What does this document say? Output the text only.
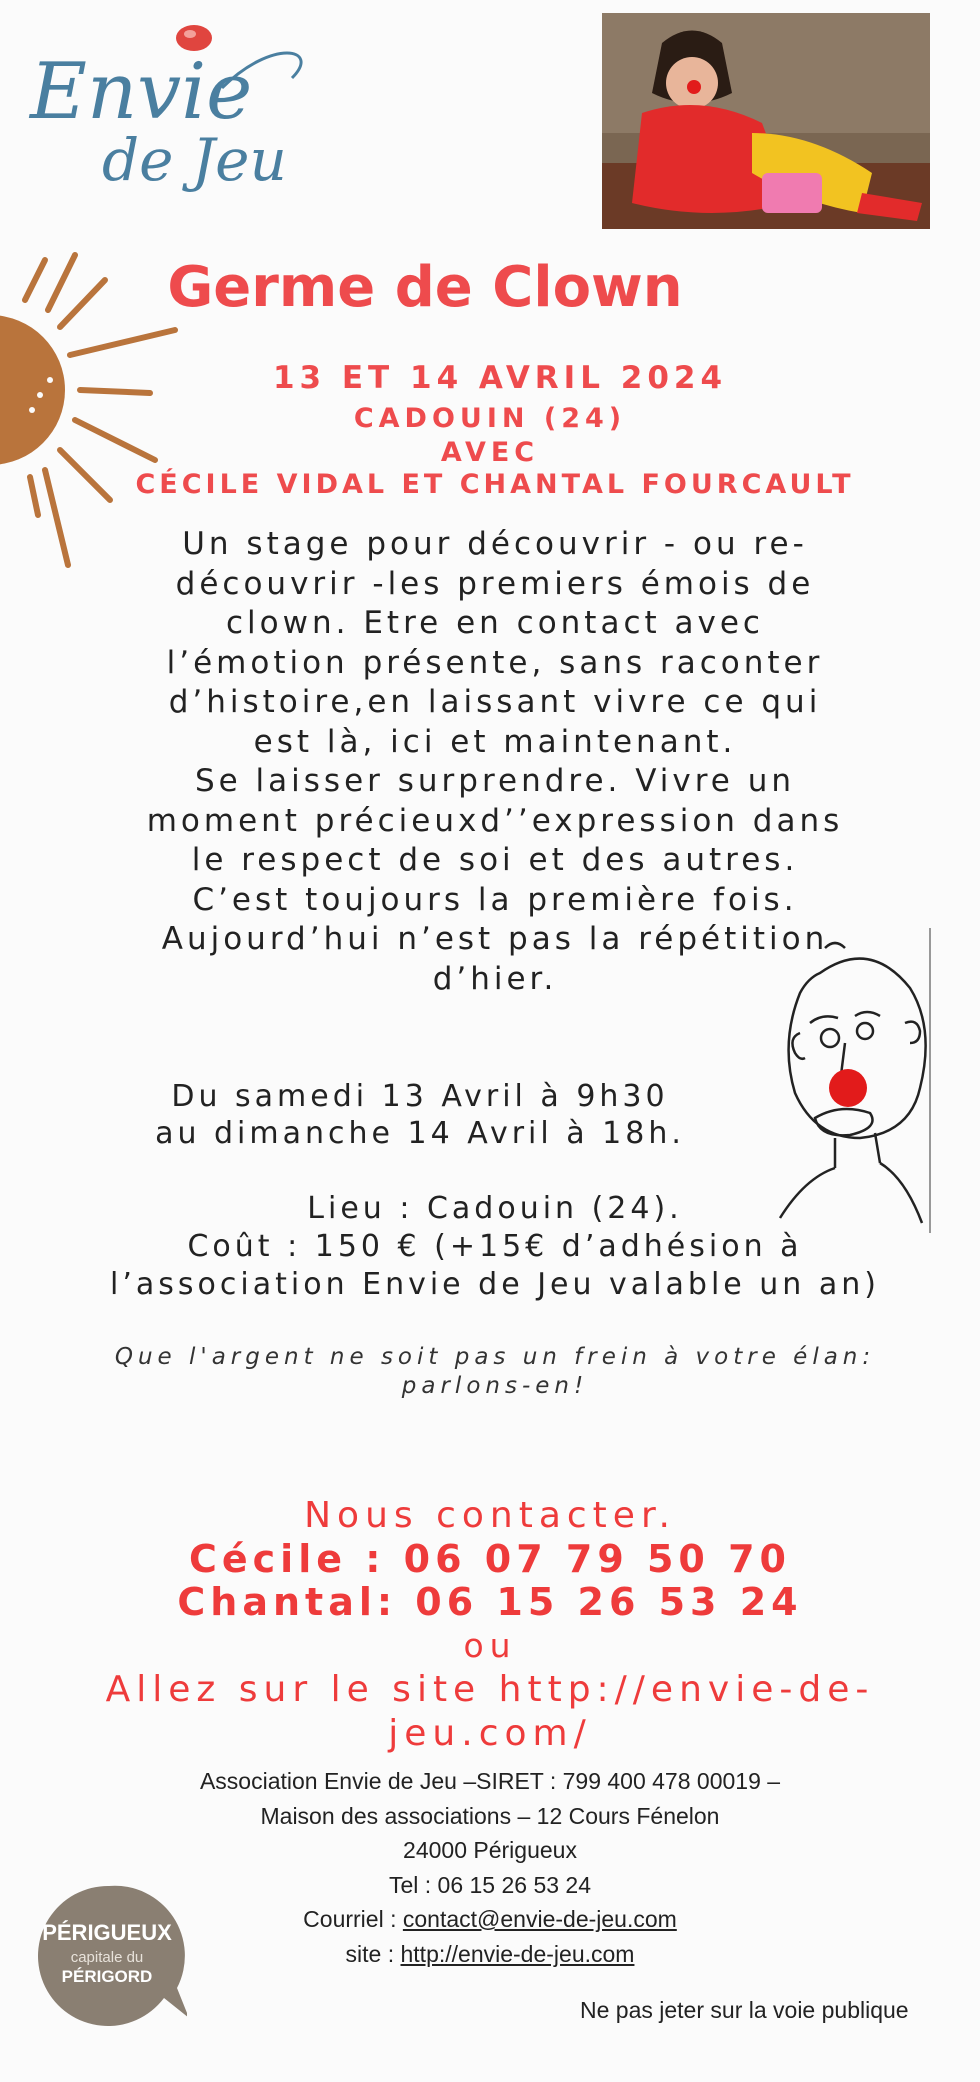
Envie
de Jeu
Germe de Clown
13 ET 14 AVRIL 2024
CADOUIN (24)
AVEC
CÉCILE VIDAL ET CHANTAL FOURCAULT
Un stage pour découvrir - ou re-
découvrir -les premiers émois de
clown. Etre en contact avec
l’émotion présente, sans raconter
d’histoire,en laissant vivre ce qui
est là, ici et maintenant.
Se laisser surprendre. Vivre un
moment précieuxd’’expression dans
le respect de soi et des autres.
C’est toujours la première fois.
Aujourd’hui n’est pas la répétition
d’hier.
Du samedi 13 Avril à 9h30
au dimanche 14 Avril à 18h.
Lieu : Cadouin (24).
Coût : 150 € (+15€ d’adhésion à
l’association Envie de Jeu valable un an)
Que l'argent ne soit pas un frein à votre élan:
parlons-en!
Nous contacter.
Cécile : 06 07 79 50 70
Chantal: 06 15 26 53 24
ou
Allez sur le site http://envie-de-
jeu.com/
Association Envie de Jeu –SIRET : 799 400 478 00019 –
Maison des associations – 12 Cours Fénelon
24000 Périgueux
Tel : 06 15 26 53 24
Courriel : contact@envie-de-jeu.com
site : http://envie-de-jeu.com
PÉRIGUEUX
capitale du
PÉRIGORD
Ne pas jeter sur la voie publique
